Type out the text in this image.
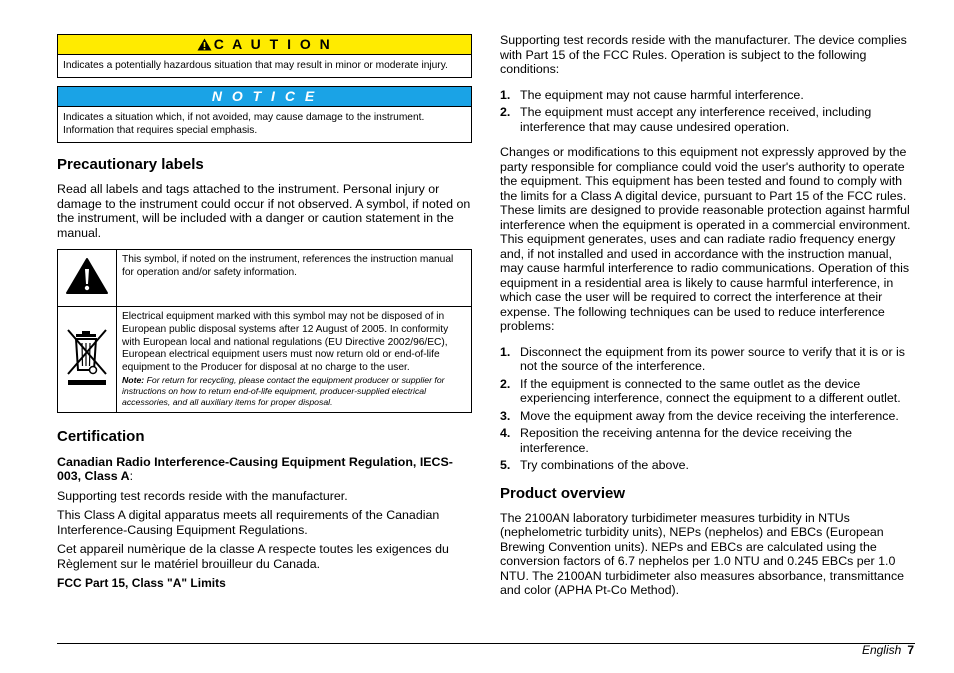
C A U T I O N
Indicates a potentially hazardous situation that may result in minor or moderate injury.
N O T I C E
Indicates a situation which, if not avoided, may cause damage to the instrument. Information that requires special emphasis.
Precautionary labels

Read all labels and tags attached to the instrument. Personal injury or damage to the instrument could occur if not observed. A symbol, if noted on the instrument, will be included with a danger or caution statement in the manual.

	This symbol, if noted on the instrument, references the instruction manual for operation and/or safety information.

Electrical equipment marked with this symbol may not be disposed of in European public disposal systems after 12 August of 2005. In conformity with European local and national regulations (EU Directive 2002/96/EC), European electrical equipment users must now return old or end-of-life equipment to the Producer for disposal at no charge to the user.
Note: For return for recycling, please contact the equipment producer or supplier for instructions on how to return end-of-life equipment, producer-supplied electrical accessories, and all auxiliary items for proper disposal.
Certification

Canadian Radio Interference-Causing Equipment Regulation, IECS-003, Class A:

Supporting test records reside with the manufacturer.

This Class A digital apparatus meets all requirements of the Canadian Interference-Causing Equipment Regulations.

Cet appareil numèrique de la classe A respecte toutes les exigences du Règlement sur le matériel brouilleur du Canada.

FCC Part 15, Class "A" Limits

Supporting test records reside with the manufacturer. The device complies with Part 15 of the FCC Rules. Operation is subject to the following conditions:

1. The equipment may not cause harmful interference.
2. The equipment must accept any interference received, including interference that may cause undesired operation.

Changes or modifications to this equipment not expressly approved by the party responsible for compliance could void the user's authority to operate the equipment. This equipment has been tested and found to comply with the limits for a Class A digital device, pursuant to Part 15 of the FCC rules. These limits are designed to provide reasonable protection against harmful interference when the equipment is operated in a commercial environment. This equipment generates, uses and can radiate radio frequency energy and, if not installed and used in accordance with the instruction manual, may cause harmful interference to radio communications. Operation of this equipment in a residential area is likely to cause harmful interference, in which case the user will be required to correct the interference at their expense. The following techniques can be used to reduce interference problems:

1. Disconnect the equipment from its power source to verify that it is or is not the source of the interference.
2. If the equipment is connected to the same outlet as the device experiencing interference, connect the equipment to a different outlet.
3. Move the equipment away from the device receiving the interference.
4. Reposition the receiving antenna for the device receiving the interference.
5. Try combinations of the above.
Product overview

The 2100AN laboratory turbidimeter measures turbidity in NTUs (nephelometric turbidity units), NEPs (nephelos) and EBCs (European Brewing Convention units). NEPs and EBCs are calculated using the conversion factors of 6.7 nephelos per 1.0 NTU and 0.245 EBCs per 1.0 NTU. The 2100AN turbidimeter also measures absorbance, transmittance and color (APHA Pt-Co Method).

English 7
